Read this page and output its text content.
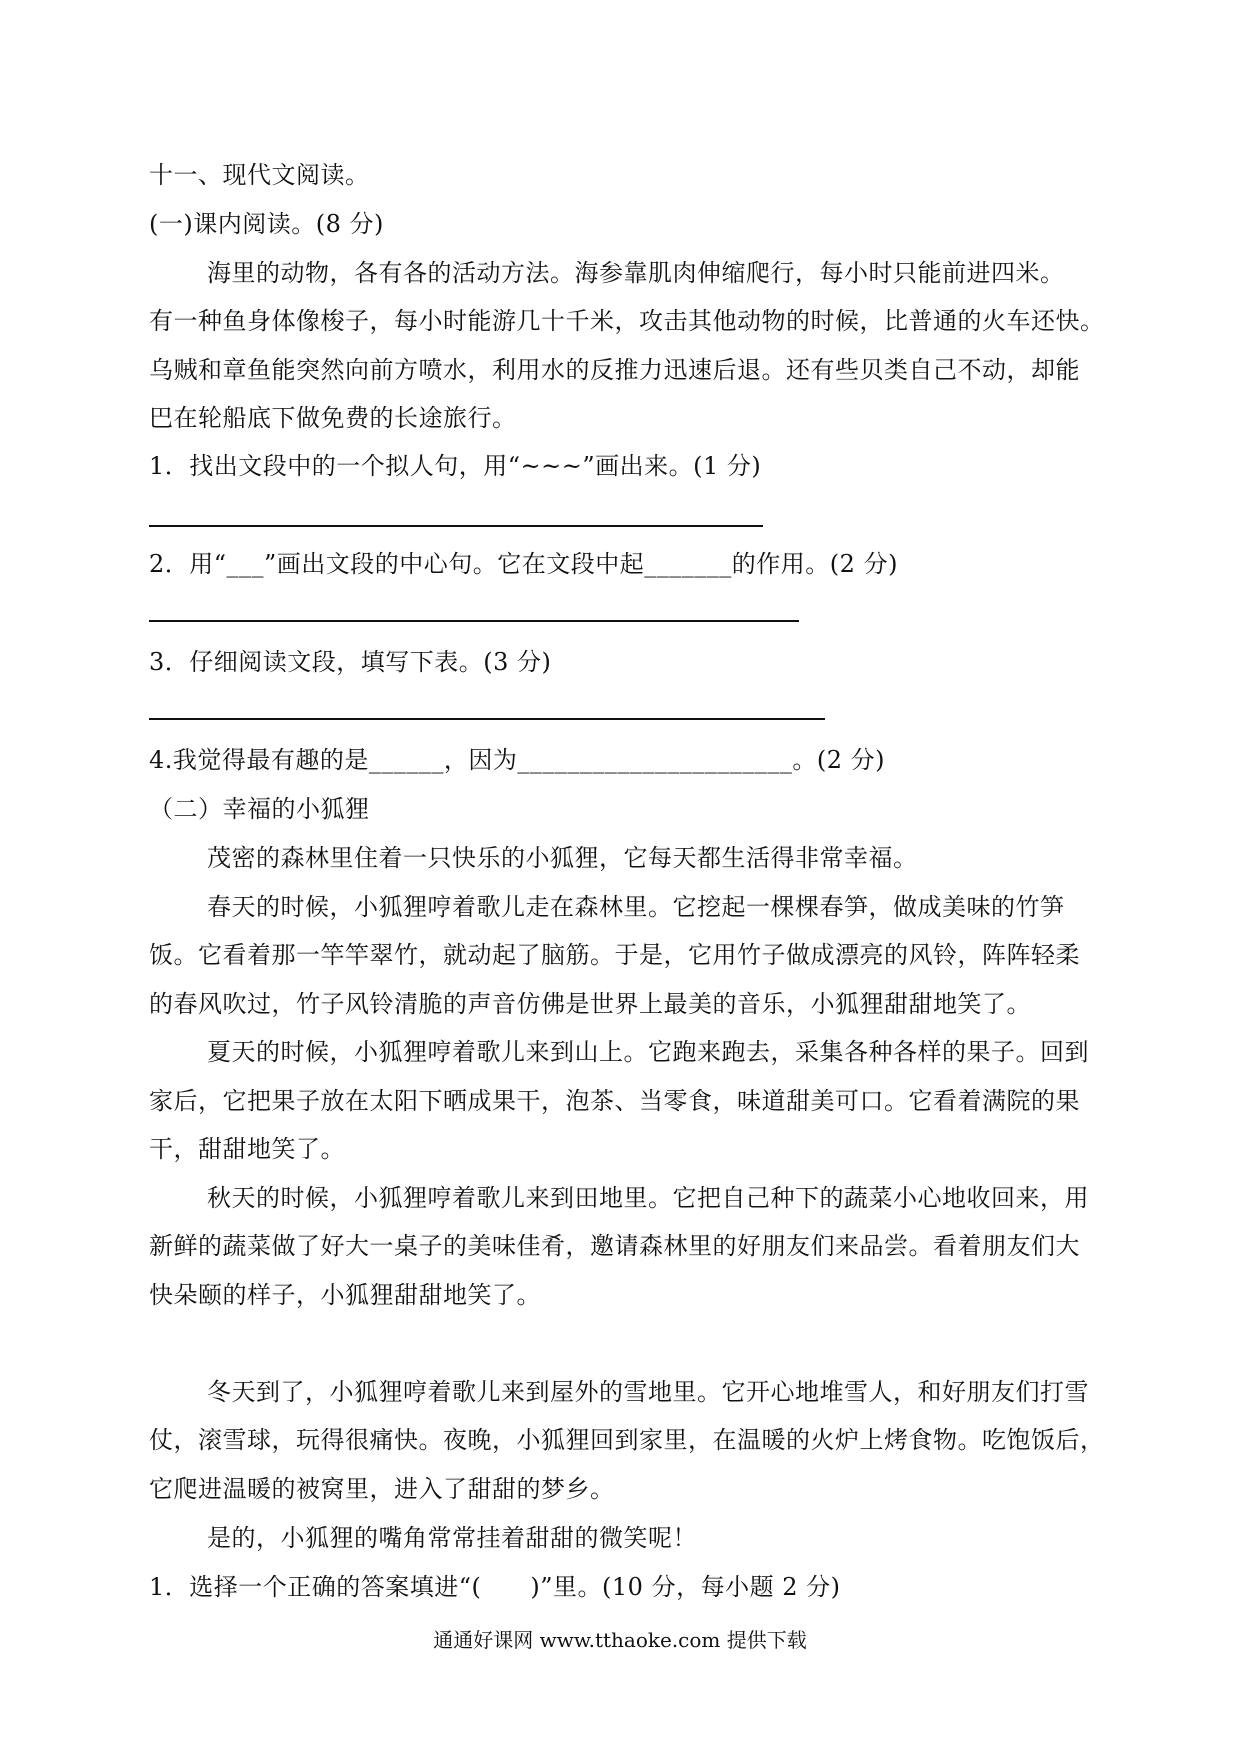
十一、现代文阅读。
(一)课内阅读。(8 分)
海里的动物，各有各的活动方法。海参靠肌肉伸缩爬行，每小时只能前进四米。
有一种鱼身体像梭子，每小时能游几十千米，攻击其他动物的时候，比普通的火车还快。
乌贼和章鱼能突然向前方喷水，利用水的反推力迅速后退。还有些贝类自己不动，却能
巴在轮船底下做免费的长途旅行。
1．找出文段中的一个拟人句，用“~~~”画出来。(1 分)
2．用“___”画出文段的中心句。它在文段中起_______的作用。(2 分)
3．仔细阅读文段，填写下表。(3 分)
4.我觉得最有趣的是______，因为______________________。(2 分)
（二）幸福的小狐狸
茂密的森林里住着一只快乐的小狐狸，它每天都生活得非常幸福。
春天的时候，小狐狸哼着歌儿走在森林里。它挖起一棵棵春笋，做成美味的竹笋
饭。它看着那一竿竿翠竹，就动起了脑筋。于是，它用竹子做成漂亮的风铃，阵阵轻柔
的春风吹过，竹子风铃清脆的声音仿佛是世界上最美的音乐，小狐狸甜甜地笑了。
夏天的时候，小狐狸哼着歌儿来到山上。它跑来跑去，采集各种各样的果子。回到
家后，它把果子放在太阳下晒成果干，泡茶、当零食，味道甜美可口。它看着满院的果
干，甜甜地笑了。
秋天的时候，小狐狸哼着歌儿来到田地里。它把自己种下的蔬菜小心地收回来，用
新鲜的蔬菜做了好大一桌子的美味佳肴，邀请森林里的好朋友们来品尝。看着朋友们大
快朵颐的样子，小狐狸甜甜地笑了。
冬天到了，小狐狸哼着歌儿来到屋外的雪地里。它开心地堆雪人，和好朋友们打雪
仗，滚雪球，玩得很痛快。夜晚，小狐狸回到家里，在温暖的火炉上烤食物。吃饱饭后，
它爬进温暖的被窝里，进入了甜甜的梦乡。
是的，小狐狸的嘴角常常挂着甜甜的微笑呢！
1．选择一个正确的答案填进“(　　)”里。(10 分，每小题 2 分)
通通好课网 www.tthaoke.com 提供下载
